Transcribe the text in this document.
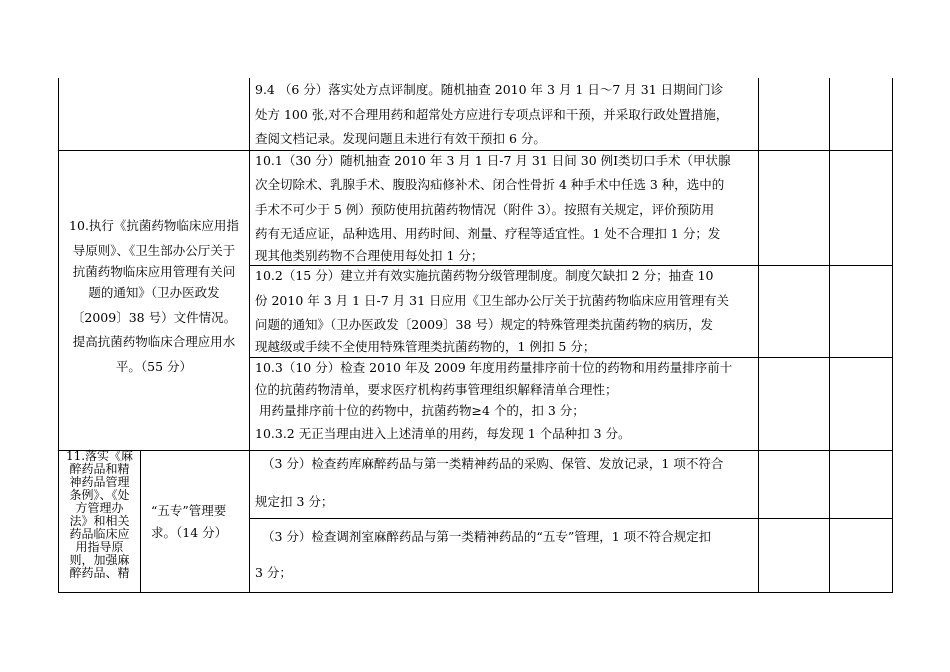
9.4 （6 分）落实处方点评制度。随机抽查 2010 年 3 月 1 日～7 月 31 日期间门诊
处方 100 张,对不合理用药和超常处方应进行专项点评和干预，并采取行政处置措施，
查阅文档记录。发现问题且未进行有效干预扣 6 分。
10.执行《抗菌药物临床应用指
导原则》、《卫生部办公厅关于
抗菌药物临床应用管理有关问
题的通知》（卫办医政发
〔2009〕38 号）文件情况。
提高抗菌药物临床合理应用水
平。（55 分）
10.1（30 分）随机抽查 2010 年 3 月 1 日-7 月 31 日间 30 例Ⅰ类切口手术（甲状腺
次全切除术、乳腺手术、腹股沟疝修补术、闭合性骨折 4 种手术中任选 3 种，选中的
手术不可少于 5 例）预防使用抗菌药物情况（附件 3）。按照有关规定，评价预防用
药有无适应证，品种选用、用药时间、剂量、疗程等适宜性。1 处不合理扣 1 分；发
现其他类别药物不合理使用每处扣 1 分；
10.2（15 分）建立并有效实施抗菌药物分级管理制度。制度欠缺扣 2 分；抽查 10
份 2010 年 3 月 1 日-7 月 31 日应用《卫生部办公厅关于抗菌药物临床应用管理有关
问题的通知》（卫办医政发〔2009〕38 号）规定的特殊管理类抗菌药物的病历，发
现越级或手续不全使用特殊管理类抗菌药物的，1 例扣 5 分；
10.3（10 分）检查 2010 年及 2009 年度用药量排序前十位的药物和用药量排序前十
位的抗菌药物清单，要求医疗机构药事管理组织解释清单合理性；
用药量排序前十位的药物中，抗菌药物≥4 个的，扣 3 分；
10.3.2 无正当理由进入上述清单的用药，每发现 1 个品种扣 3 分。
11.落实《麻
醉药品和精
神药品管理
条例》、《处
方管理办
法》和相关
药品临床应
用指导原
则，加强麻
醉药品、精
“五专”管理要
求。（14 分）
（3 分）检查药库麻醉药品与第一类精神药品的采购、保管、发放记录，1 项不符合
规定扣 3 分；
（3 分）检查调剂室麻醉药品与第一类精神药品的“五专”管理，1 项不符合规定扣
3 分；
